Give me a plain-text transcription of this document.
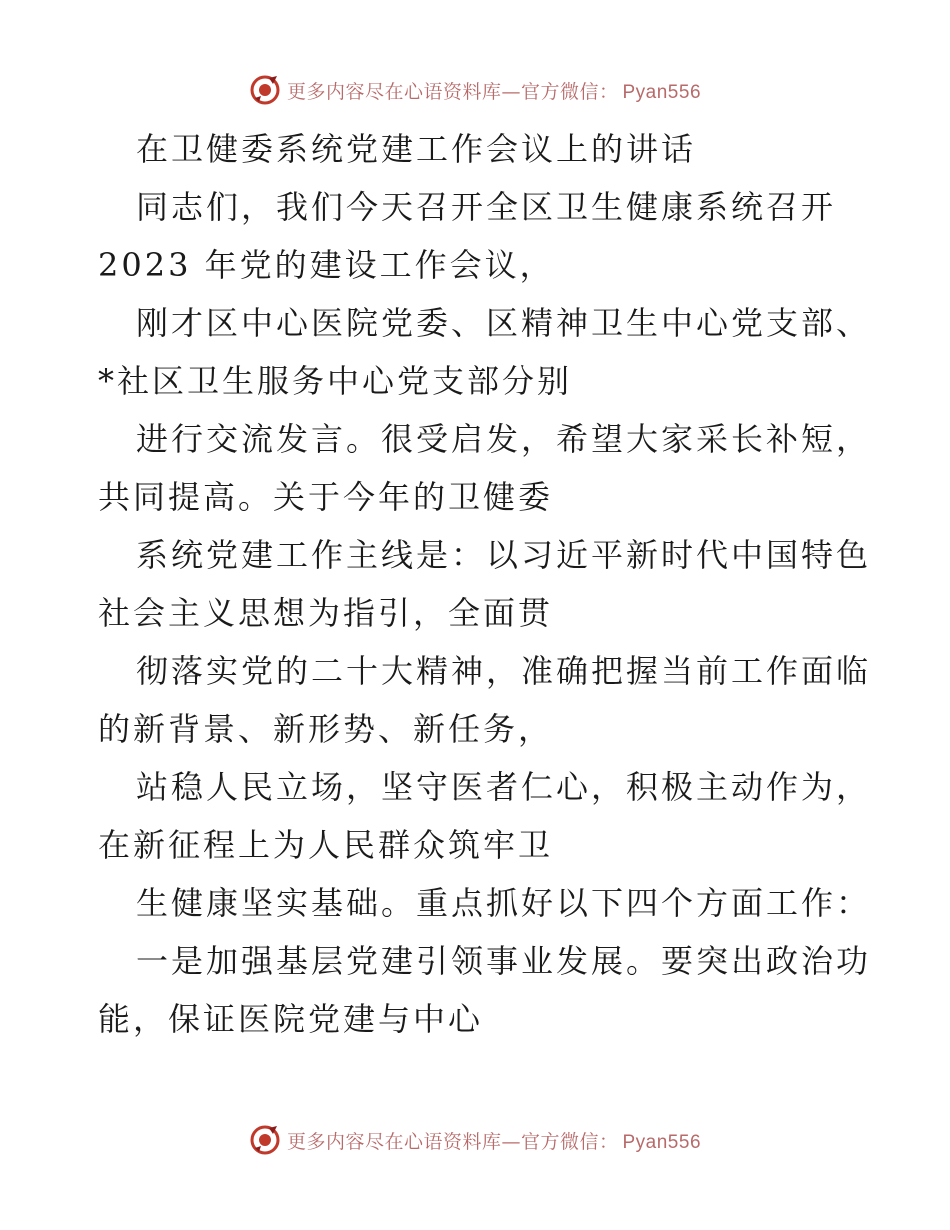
更多内容尽在心语资料库—官方微信： Pyan556
在卫健委系统党建工作会议上的讲话
同志们，我们今天召开全区卫生健康系统召开
2023 年党的建设工作会议，
刚才区中心医院党委、区精神卫生中心党支部、
*社区卫生服务中心党支部分别
进行交流发言。很受启发，希望大家采长补短，
共同提高。关于今年的卫健委
系统党建工作主线是：以习近平新时代中国特色
社会主义思想为指引，全面贯
彻落实党的二十大精神，准确把握当前工作面临
的新背景、新形势、新任务，
站稳人民立场，坚守医者仁心，积极主动作为，
在新征程上为人民群众筑牢卫
生健康坚实基础。重点抓好以下四个方面工作：
一是加强基层党建引领事业发展。要突出政治功
能，保证医院党建与中心
更多内容尽在心语资料库—官方微信： Pyan556
